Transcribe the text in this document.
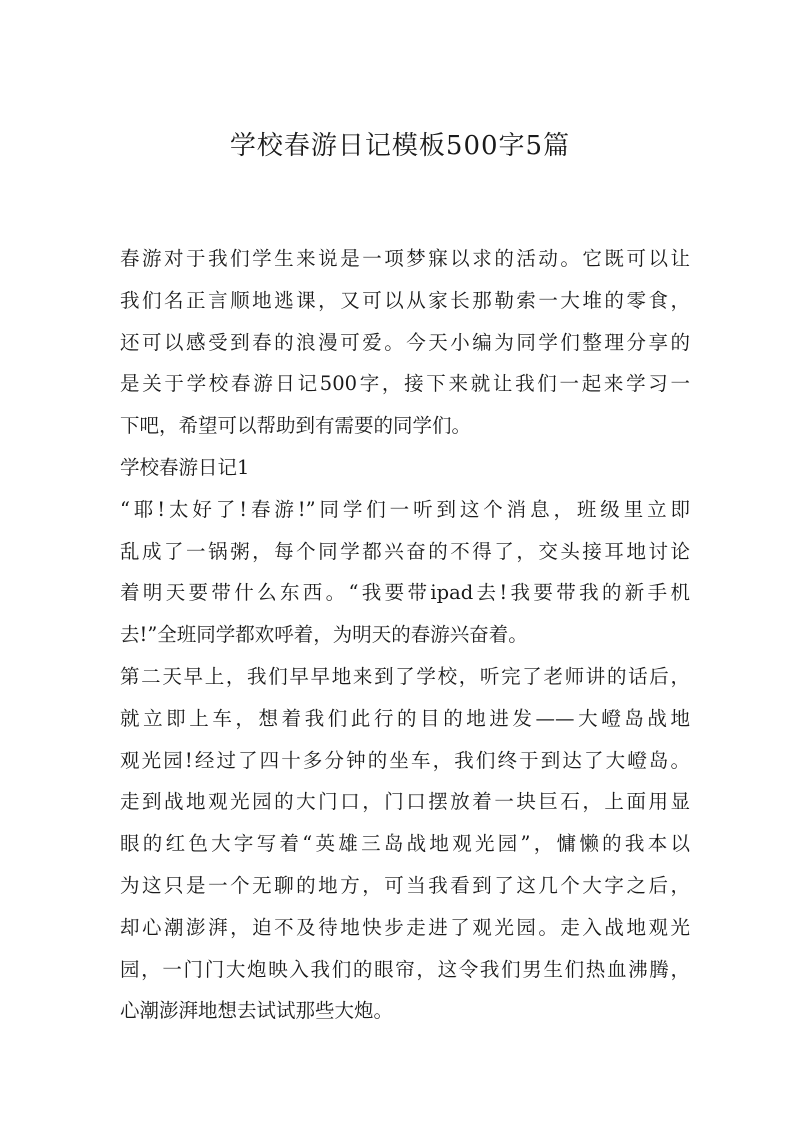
学校春游日记模板500字5篇
春游对于我们学生来说是一项梦寐以求的活动。它既可以让
我们名正言顺地逃课，又可以从家长那勒索一大堆的零食，
还可以感受到春的浪漫可爱。今天小编为同学们整理分享的
是关于学校春游日记500字，接下来就让我们一起来学习一
下吧，希望可以帮助到有需要的同学们。
学校春游日记1
“耶!太好了!春游!”同学们一听到这个消息，班级里立即
乱成了一锅粥，每个同学都兴奋的不得了，交头接耳地讨论
着明天要带什么东西。“我要带ipad去!我要带我的新手机
去!”全班同学都欢呼着，为明天的春游兴奋着。
第二天早上，我们早早地来到了学校，听完了老师讲的话后，
就立即上车，想着我们此行的目的地进发——大嶝岛战地
观光园!经过了四十多分钟的坐车，我们终于到达了大嶝岛。
走到战地观光园的大门口，门口摆放着一块巨石，上面用显
眼的红色大字写着“英雄三岛战地观光园”，慵懒的我本以
为这只是一个无聊的地方，可当我看到了这几个大字之后，
却心潮澎湃，迫不及待地快步走进了观光园。走入战地观光
园，一门门大炮映入我们的眼帘，这令我们男生们热血沸腾，
心潮澎湃地想去试试那些大炮。
